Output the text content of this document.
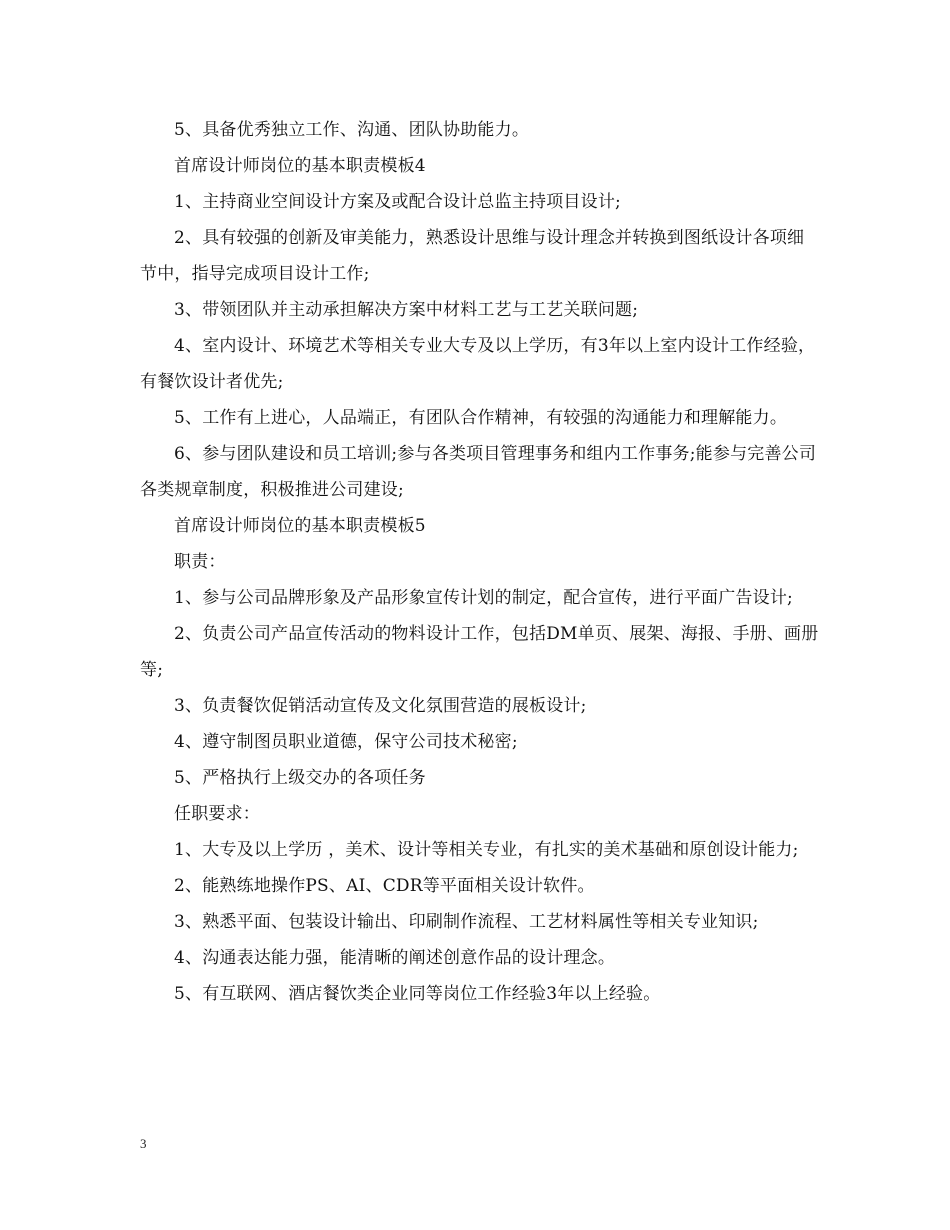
5、具备优秀独立工作、沟通、团队协助能力。

首席设计师岗位的基本职责模板4

1、主持商业空间设计方案及或配合设计总监主持项目设计;

2、具有较强的创新及审美能力，熟悉设计思维与设计理念并转换到图纸设计各项细节中，指导完成项目设计工作;

3、带领团队并主动承担解决方案中材料工艺与工艺关联问题;

4、室内设计、环境艺术等相关专业大专及以上学历，有3年以上室内设计工作经验，有餐饮设计者优先;

5、工作有上进心，人品端正，有团队合作精神，有较强的沟通能力和理解能力。

6、参与团队建设和员工培训;参与各类项目管理事务和组内工作事务;能参与完善公司各类规章制度，积极推进公司建设;

首席设计师岗位的基本职责模板5

职责：

1、参与公司品牌形象及产品形象宣传计划的制定，配合宣传，进行平面广告设计;

2、负责公司产品宣传活动的物料设计工作，包括DM单页、展架、海报、手册、画册等;

3、负责餐饮促销活动宣传及文化氛围营造的展板设计;

4、遵守制图员职业道德，保守公司技术秘密;

5、严格执行上级交办的各项任务

任职要求：

1、大专及以上学历 ，美术、设计等相关专业，有扎实的美术基础和原创设计能力;

2、能熟练地操作PS、AI、CDR等平面相关设计软件。

3、熟悉平面、包装设计输出、印刷制作流程、工艺材料属性等相关专业知识;

4、沟通表达能力强，能清晰的阐述创意作品的设计理念。

5、有互联网、酒店餐饮类企业同等岗位工作经验3年以上经验。

3
